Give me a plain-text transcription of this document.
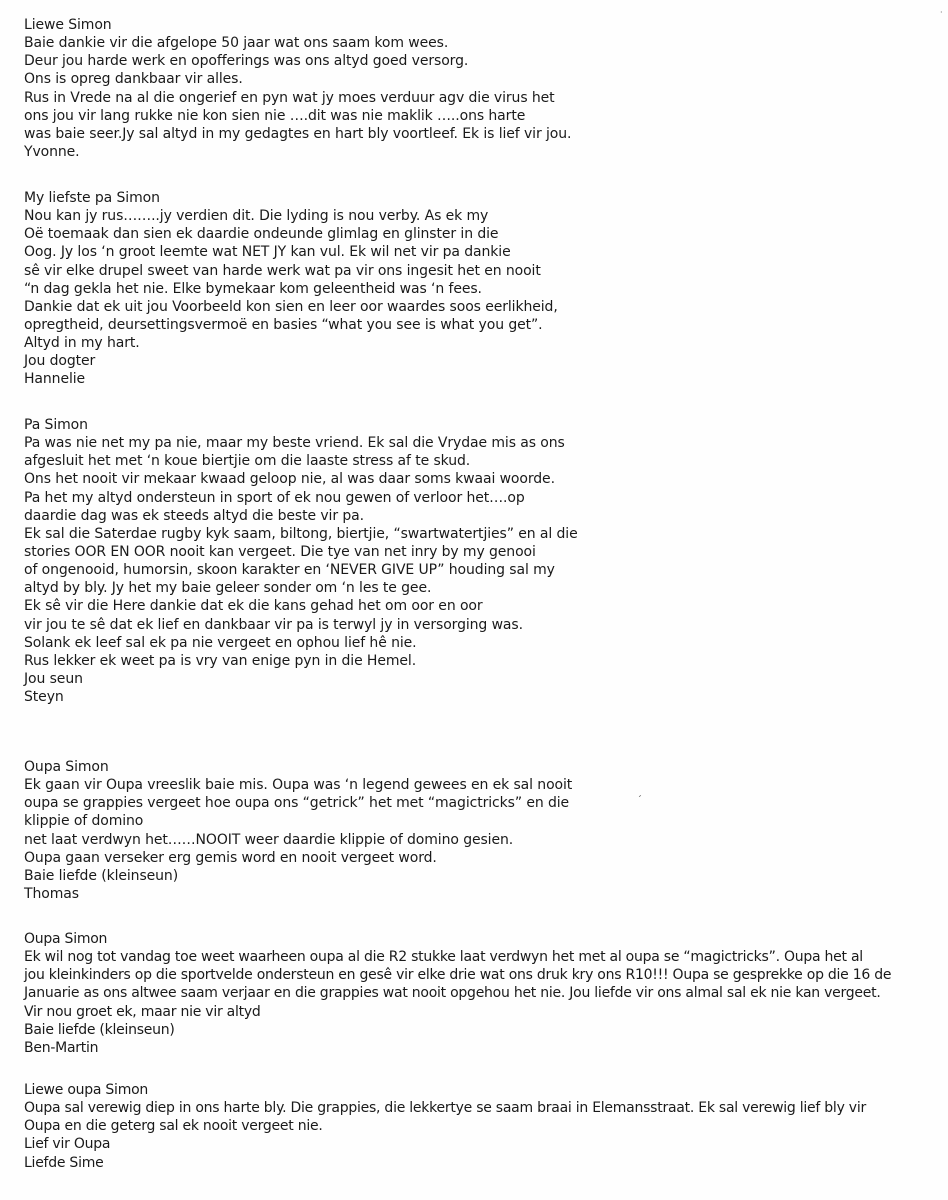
Liewe Simon
Baie dankie vir die afgelope 50 jaar wat ons saam kom wees.
Deur jou harde werk en opofferings was ons altyd goed versorg.
Ons is opreg dankbaar vir alles.
Rus in Vrede na al die ongerief en pyn wat jy moes verduur agv die virus het
ons jou vir lang rukke nie kon sien nie ….dit was nie maklik …..ons harte
was baie seer.Jy sal altyd in my gedagtes en hart bly voortleef. Ek is lief vir jou.
Yvonne.
My liefste pa Simon
Nou kan jy rus……..jy verdien dit. Die lyding is nou verby. As ek my
Oë toemaak dan sien ek daardie ondeunde glimlag en glinster in die
Oog. Jy los ‘n groot leemte wat NET JY kan vul. Ek wil net vir pa dankie
sê vir elke drupel sweet van harde werk wat pa vir ons ingesit het en nooit
“n dag gekla het nie. Elke bymekaar kom geleentheid was ‘n fees.
Dankie dat ek uit jou Voorbeeld kon sien en leer oor waardes soos eerlikheid,
opregtheid, deursettingsvermoë en basies “what you see is what you get”.
Altyd in my hart.
Jou dogter
Hannelie
Pa Simon
Pa was nie net my pa nie, maar my beste vriend. Ek sal die Vrydae mis as ons
afgesluit het met ‘n koue biertjie om die laaste stress af te skud.
Ons het nooit vir mekaar kwaad geloop nie, al was daar soms kwaai woorde.
Pa het my altyd ondersteun in sport of ek nou gewen of verloor het….op
daardie dag was ek steeds altyd die beste vir pa.
Ek sal die Saterdae rugby kyk saam, biltong, biertjie, “swartwatertjies” en al die
stories OOR EN OOR nooit kan vergeet. Die tye van net inry by my genooi
of ongenooid, humorsin, skoon karakter en ‘NEVER GIVE UP” houding sal my
altyd by bly. Jy het my baie geleer sonder om ‘n les te gee.
Ek sê vir die Here dankie dat ek die kans gehad het om oor en oor
vir jou te sê dat ek lief en dankbaar vir pa is terwyl jy in versorging was.
Solank ek leef sal ek pa nie vergeet en ophou lief hê nie.
Rus lekker ek weet pa is vry van enige pyn in die Hemel.
Jou seun
Steyn
Oupa Simon
Ek gaan vir Oupa vreeslik baie mis. Oupa was ‘n legend gewees en ek sal nooit
oupa se grappies vergeet hoe oupa ons “getrick” het met “magictricks” en die
klippie of domino
net laat verdwyn het……NOOIT weer daardie klippie of domino gesien.
Oupa gaan verseker erg gemis word en nooit vergeet word.
Baie liefde (kleinseun)
Thomas
Oupa Simon
Ek wil nog tot vandag toe weet waarheen oupa al die R2 stukke laat verdwyn het met al oupa se “magictricks”. Oupa het al
jou kleinkinders op die sportvelde ondersteun en gesê vir elke drie wat ons druk kry ons R10!!! Oupa se gesprekke op die 16 de
Januarie as ons altwee saam verjaar en die grappies wat nooit opgehou het nie. Jou liefde vir ons almal sal ek nie kan vergeet.
Vir nou groet ek, maar nie vir altyd
Baie liefde (kleinseun)
Ben-Martin
Liewe oupa Simon
Oupa sal verewig diep in ons harte bly. Die grappies, die lekkertye se saam braai in Elemansstraat. Ek sal verewig lief bly vir
Oupa en die geterg sal ek nooit vergeet nie.
Lief vir Oupa
Liefde Sime
ˊ
·
